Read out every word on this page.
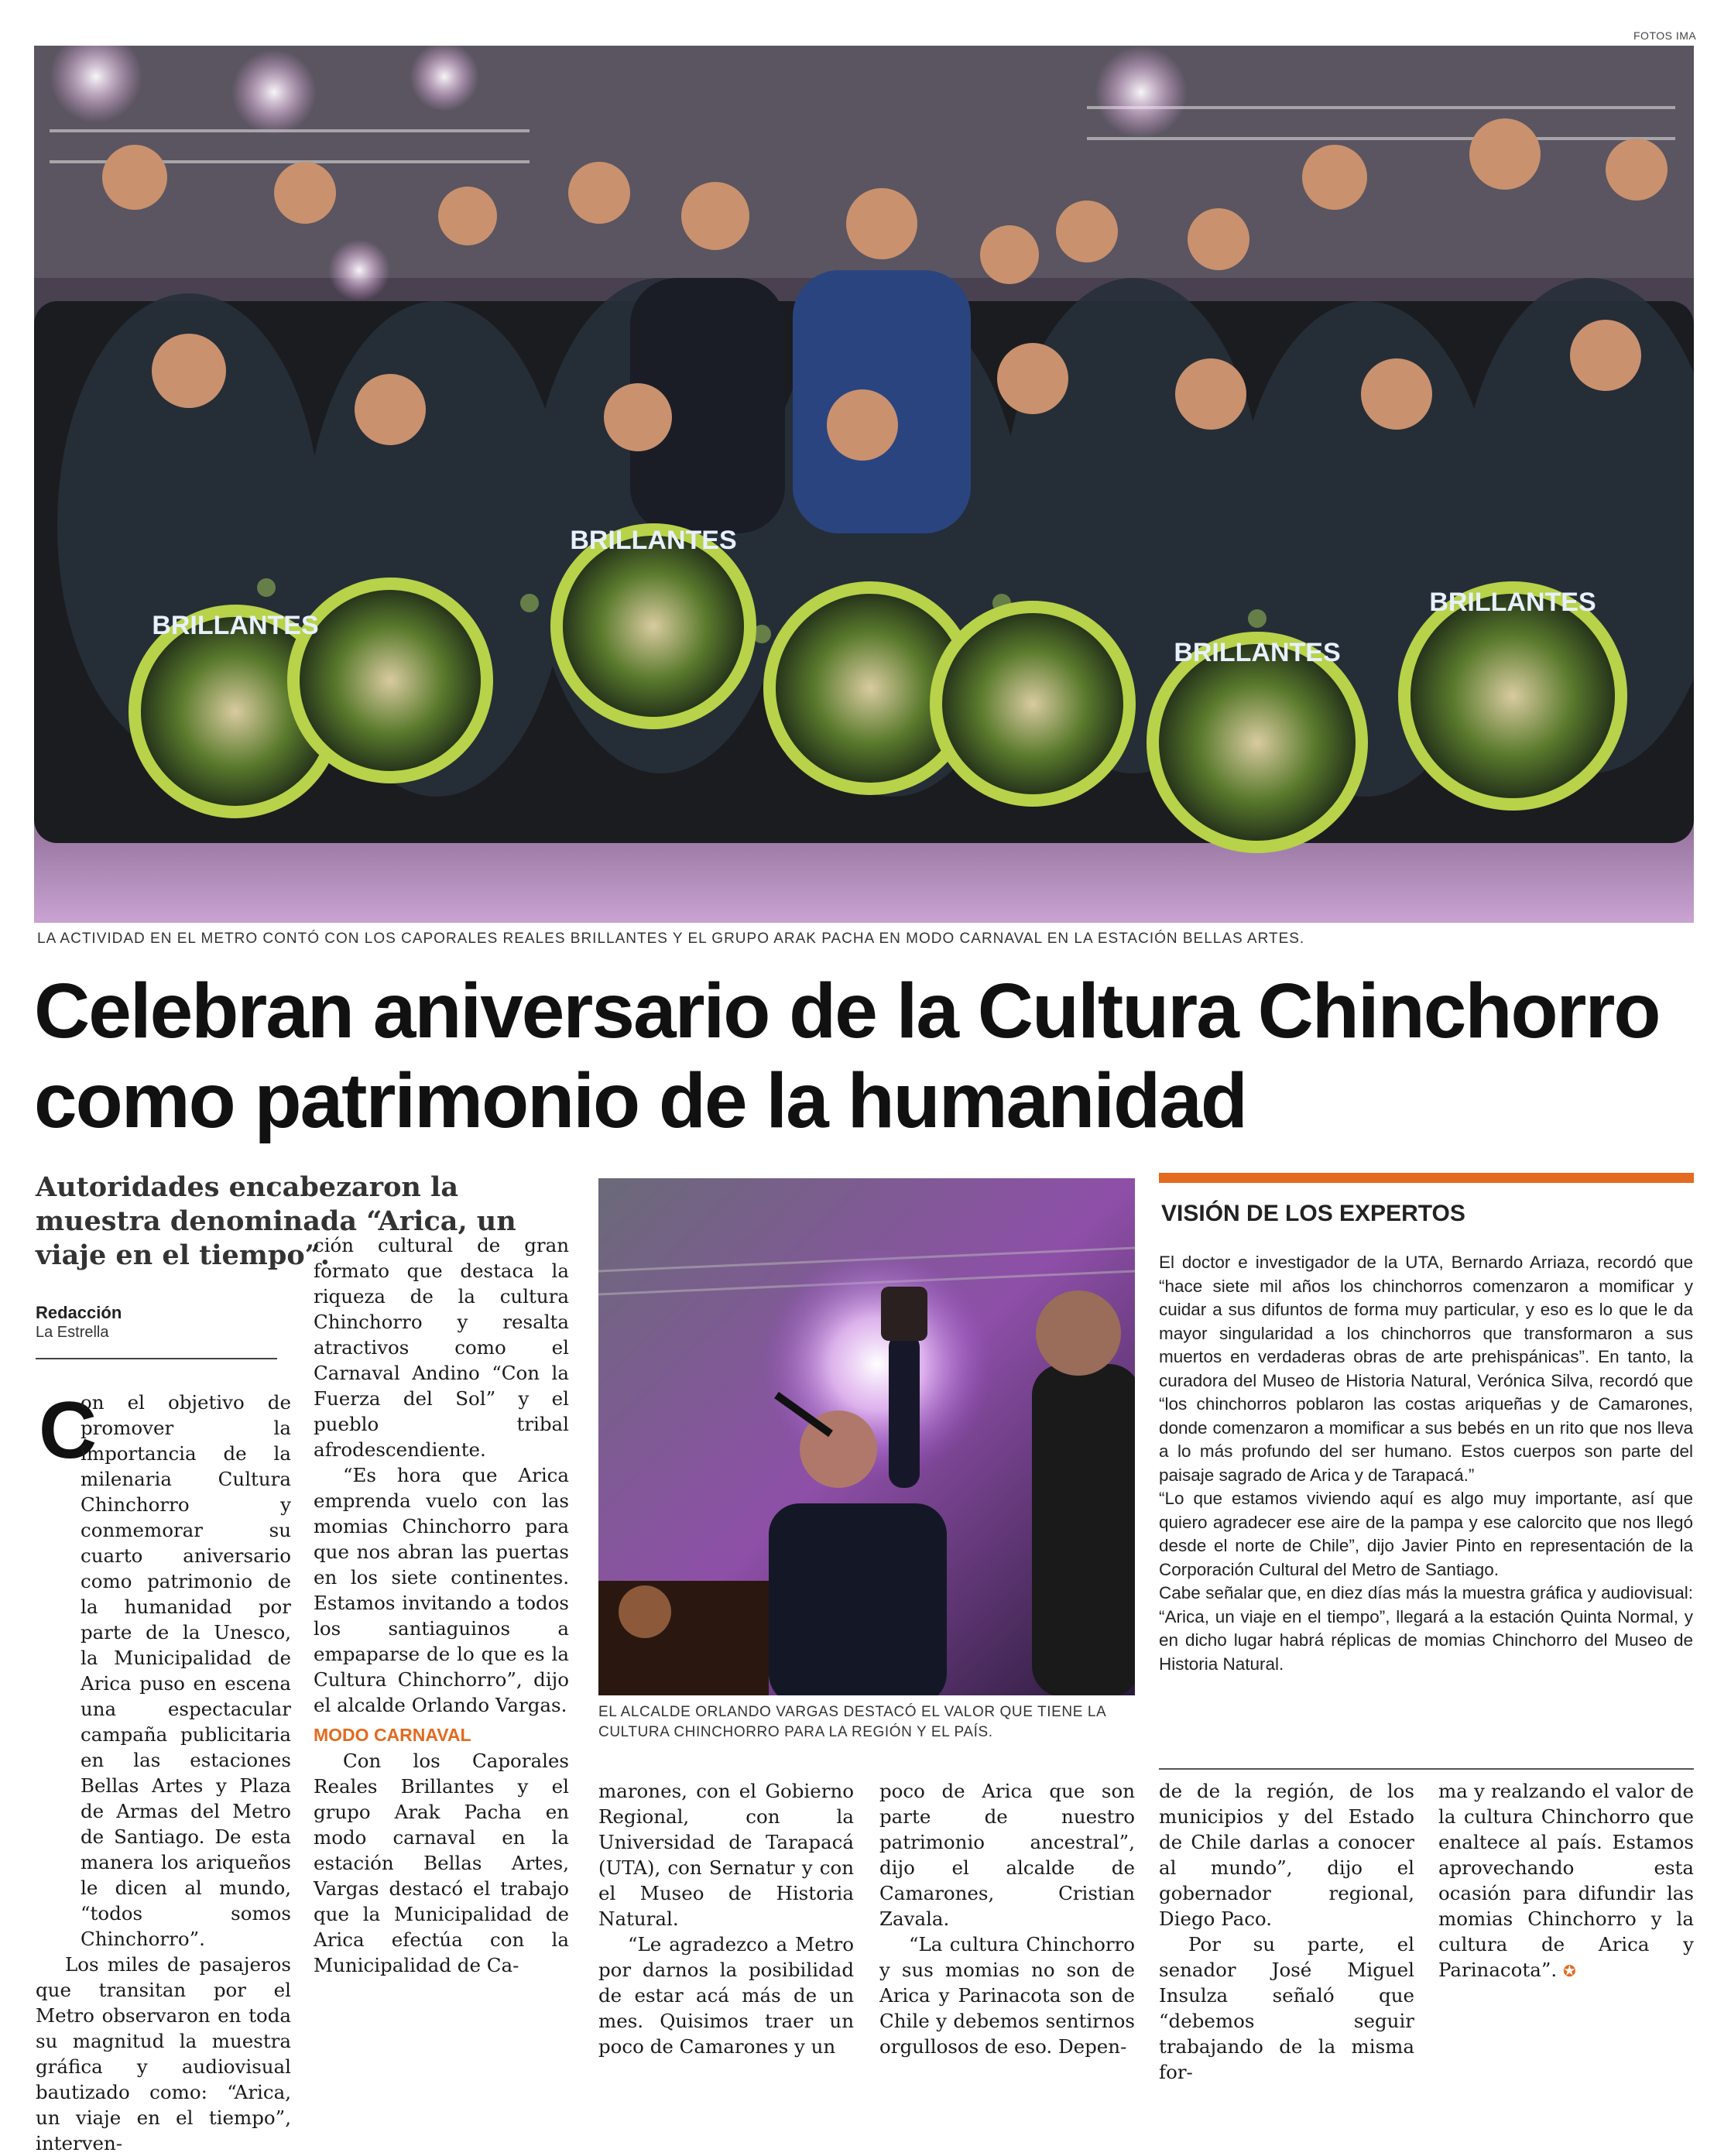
FOTOS IMA
BRILLANTES
BRILLANTES
BRILLANTES
BRILLANTES
LA ACTIVIDAD EN EL METRO CONTÓ CON LOS CAPORALES REALES BRILLANTES Y EL GRUPO ARAK PACHA EN MODO CARNAVAL EN LA ESTACIÓN BELLAS ARTES.
Celebran aniversario de la Cultura Chinchorro
como patrimonio de la humanidad

Autoridades encabezaron la muestra denominada “Arica, un viaje en el tiempo”.

Redacción
La Estrella
C

on el objetivo de promover la importancia de la milenaria Cultura Chinchorro y conmemorar su cuarto aniversario como patrimonio de la humanidad por parte de la Unesco, la Municipalidad de Arica puso en escena una espectacular campaña publicitaria en las estaciones Bellas Artes y Plaza de Armas del Metro de Santiago. De esta manera los ariqueños le dicen al mundo, “todos somos Chinchorro”.

Los miles de pasajeros que transitan por el Metro observaron en toda su magnitud la muestra gráfica y audiovisual bautizado como: “Arica, un viaje en el tiempo”, interven-

ción cultural de gran formato que destaca la riqueza de la cultura Chinchorro y resalta atractivos como el Carnaval Andino “Con la Fuerza del Sol” y el pueblo tribal afrodescendiente.

“Es hora que Arica emprenda vuelo con las momias Chinchorro para que nos abran las puertas en los siete continentes. Estamos invitando a todos los santiaguinos a empaparse de lo que es la Cultura Chinchorro”, dijo el alcalde Orlando Vargas.

MODO CARNAVAL

Con los Caporales Reales Brillantes y el grupo Arak Pacha en modo carnaval en la estación Bellas Artes, Vargas destacó el trabajo que la Municipalidad de Arica efectúa con la Municipalidad de Ca-

EL ALCALDE ORLANDO VARGAS DESTACÓ EL VALOR QUE TIENE LA CULTURA CHINCHORRO PARA LA REGIÓN Y EL PAÍS.

marones, con el Gobierno Regional, con la Universidad de Tarapacá (UTA), con Sernatur y con el Museo de Historia Natural.

“Le agradezco a Metro por darnos la posibilidad de estar acá más de un mes. Quisimos traer un poco de Camarones y un

poco de Arica que son parte de nuestro patrimonio ancestral”, dijo el alcalde de Camarones, Cristian Zavala.

“La cultura Chinchorro y sus momias no son de Arica y Parinacota son de Chile y debemos sentirnos orgullosos de eso. Depen-

de de la región, de los municipios y del Estado de Chile darlas a conocer al mundo”, dijo el gobernador regional, Diego Paco.

Por su parte, el senador José Miguel Insulza señaló que “debemos seguir trabajando de la misma for-

ma y realzando el valor de la cultura Chinchorro que enaltece al país. Estamos aprovechando esta ocasión para difundir las momias Chinchorro y la cultura de Arica y Parinacota”. ✪

VISIÓN DE LOS EXPERTOS

El doctor e investigador de la UTA, Bernardo Arriaza, recordó que “hace siete mil años los chinchorros comenzaron a momificar y cuidar a sus difuntos de forma muy particular, y eso es lo que le da mayor singularidad a los chinchorros que transformaron a sus muertos en verdaderas obras de arte prehispánicas”. En tanto, la curadora del Museo de Historia Natural, Verónica Silva, recordó que “los chinchorros poblaron las costas ariqueñas y de Camarones, donde comenzaron a momificar a sus bebés en un rito que nos lleva a lo más profundo del ser humano. Estos cuerpos son parte del paisaje sagrado de Arica y de Tarapacá.”

“Lo que estamos viviendo aquí es algo muy importante, así que quiero agradecer ese aire de la pampa y ese calorcito que nos llegó desde el norte de Chile”, dijo Javier Pinto en representación de la Corporación Cultural del Metro de Santiago.

Cabe señalar que, en diez días más la muestra gráfica y audiovisual: “Arica, un viaje en el tiempo”, llegará a la estación Quinta Normal, y en dicho lugar habrá réplicas de momias Chinchorro del Museo de Historia Natural.
